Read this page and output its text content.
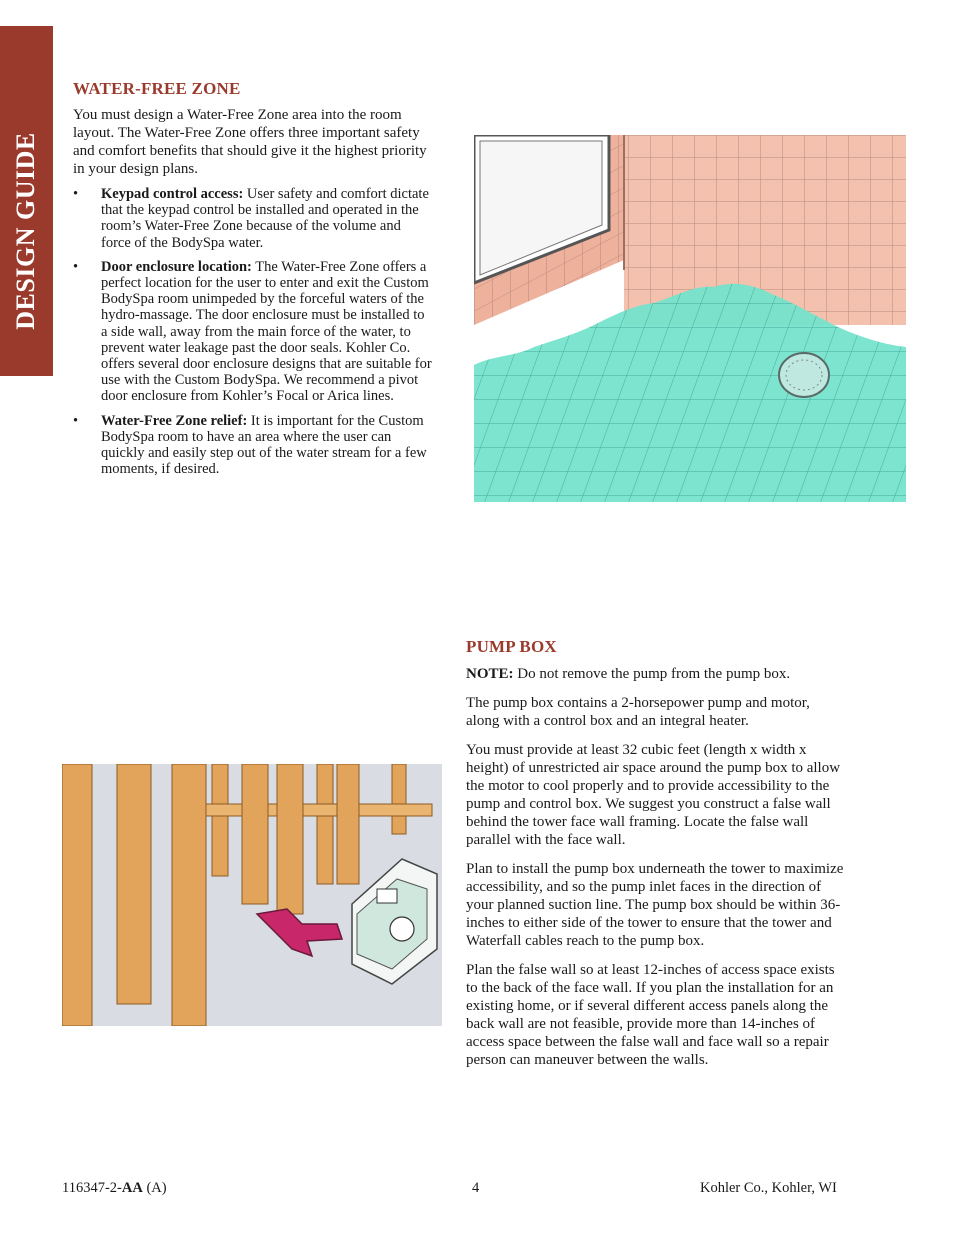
DESIGN GUIDE
WATER-FREE ZONE

You must design a Water-Free Zone area into the room layout. The Water-Free Zone offers three important safety and comfort benefits that should give it the highest priority in your design plans.

• Keypad control access: User safety and comfort dictate that the keypad control be installed and operated in the room’s Water-Free Zone because of the volume and force of the BodySpa water.
• Door enclosure location: The Water-Free Zone offers a perfect location for the user to enter and exit the Custom BodySpa room unimpeded by the forceful waters of the hydro-massage. The door enclosure must be installed to a side wall, away from the main force of the water, to prevent water leakage past the door seals. Kohler Co. offers several door enclosure designs that are suitable for use with the Custom BodySpa. We recommend a pivot door enclosure from Kohler’s Focal or Arica lines.
• Water-Free Zone relief: It is important for the Custom BodySpa room to have an area where the user can quickly and easily step out of the water stream for a few moments, if desired.
PUMP BOX

NOTE: Do not remove the pump from the pump box.

The pump box contains a 2-horsepower pump and motor, along with a control box and an integral heater.

You must provide at least 32 cubic feet (length x width x height) of unrestricted air space around the pump box to allow the motor to cool properly and to provide accessibility to the pump and control box. We suggest you construct a false wall behind the tower face wall framing. Locate the false wall parallel with the face wall.

Plan to install the pump box underneath the tower to maximize accessibility, and so the pump inlet faces in the direction of your planned suction line. The pump box should be within 36-inches to either side of the tower to ensure that the tower and Waterfall cables reach to the pump box.

Plan the false wall so at least 12-inches of access space exists to the back of the face wall. If you plan the installation for an existing home, or if several different access panels along the back wall are not feasible, provide more than 14-inches of access space between the false wall and face wall so a repair person can maneuver between the walls.

116347-2-AA (A)	4	Kohler Co., Kohler, WI
